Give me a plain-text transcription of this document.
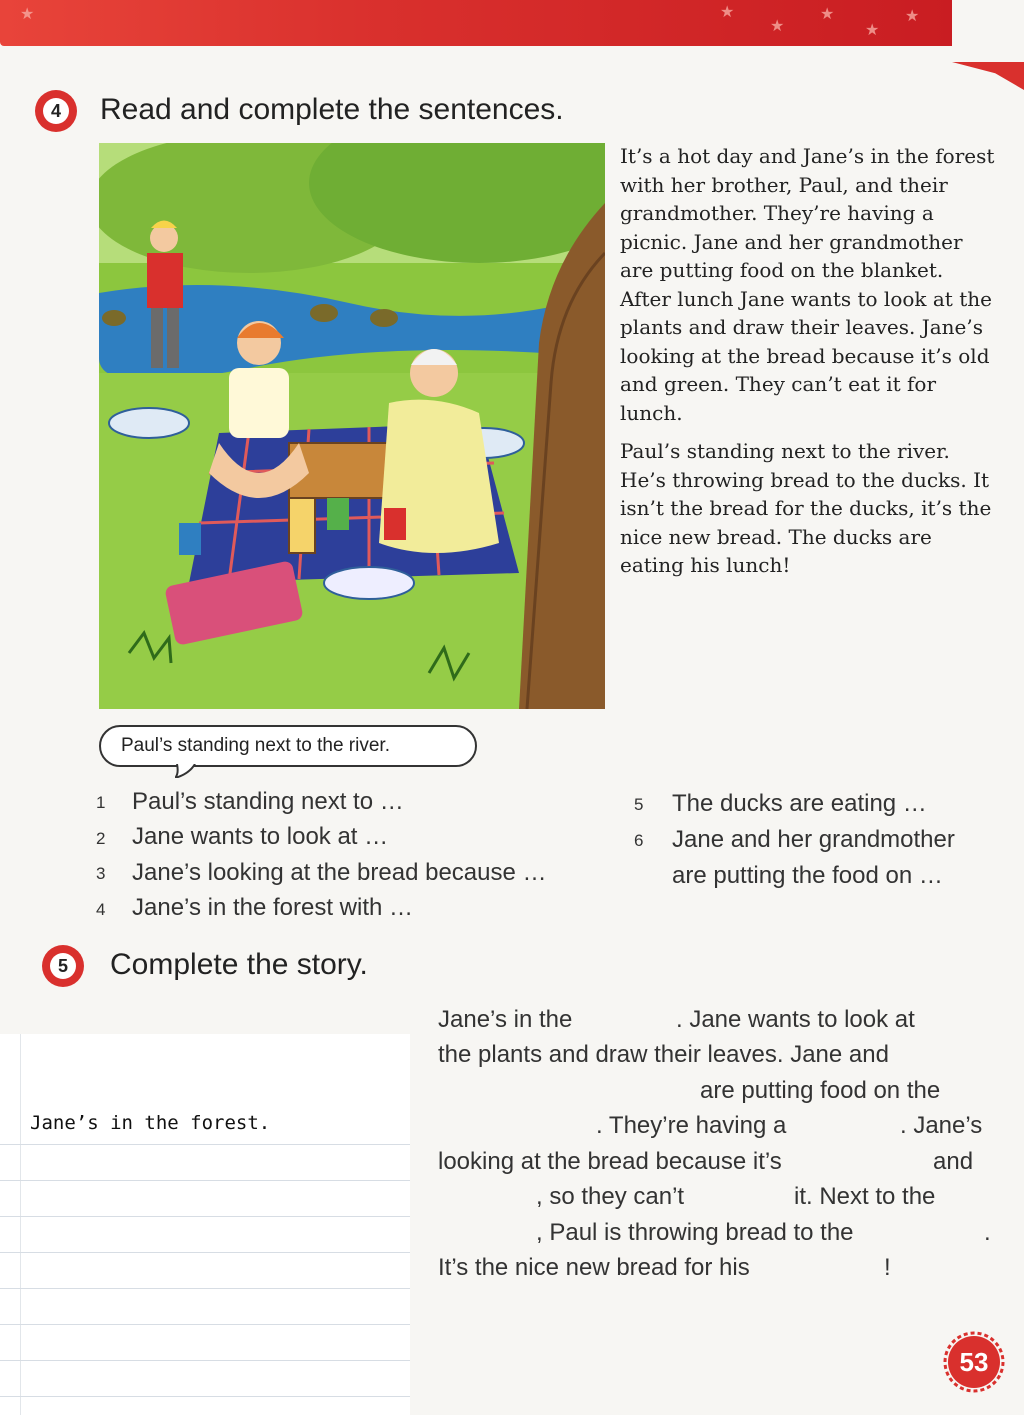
★	★
★
★
★
★
4 Read and complete the sentences.

It’s a hot day and Jane’s in the forest with her brother, Paul, and their grandmother. They’re having a picnic. Jane and her grandmother are putting food on the blanket. After lunch Jane wants to look at the plants and draw their leaves. Jane’s looking at the bread because it’s old and green. They can’t eat it for lunch.

Paul’s standing next to the river. He’s throwing bread to the ducks. It isn’t the bread for the ducks, it’s the nice new bread. The ducks are eating his lunch!

Paul’s standing next to the river.
1 Paul’s standing next to …
2 Jane wants to look at …
3 Jane’s looking at the bread because …
4 Jane’s in the forest with …
5 The ducks are eating …
6 Jane and her grandmother
are putting the food on …
5 Complete the story.
Jane’s in the forest.
Jane’s in the	. Jane wants to look at
the plants and draw their leaves. Jane and
are putting food on the
. They’re having a	. Jane’s
looking at the bread because it’s	and
, so they can’t	it. Next to the
, Paul is throwing bread to the	.
It’s the nice new bread for his	!
53
